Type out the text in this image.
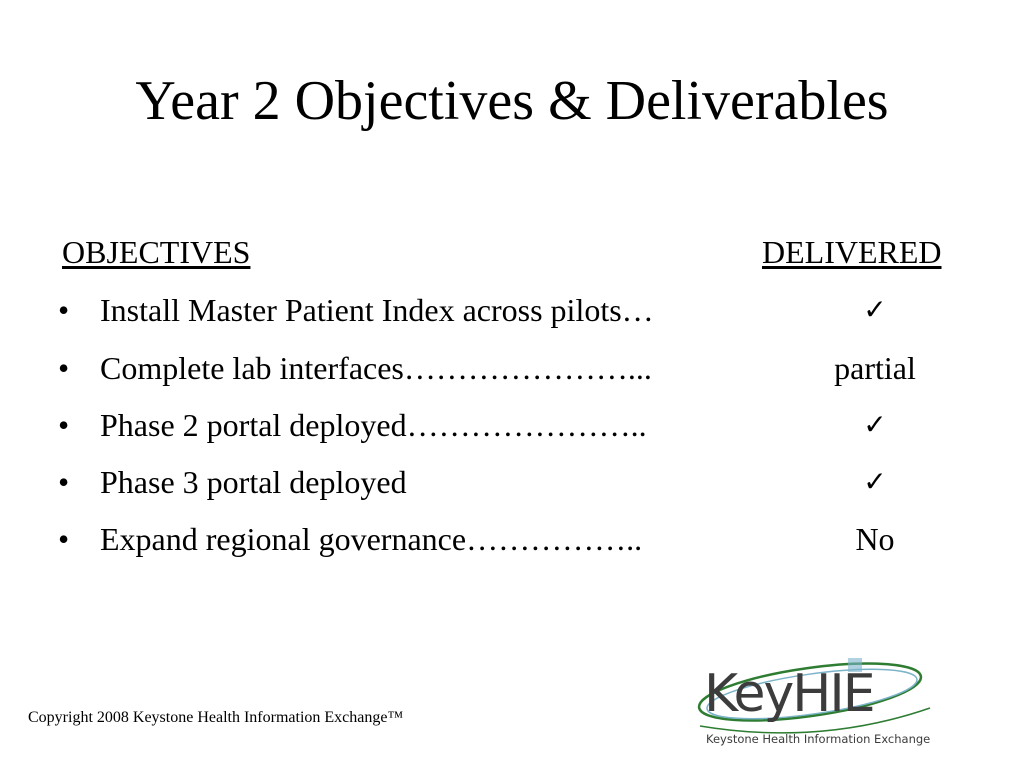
Year 2 Objectives & Deliverables
OBJECTIVES	DELIVERED
• Install Master Patient Index across pilots…	✓
• Complete lab interfaces…………………...	partial
• Phase 2 portal deployed…………………..	✓
• Phase 3 portal deployed	✓
• Expand regional governance……………..	No
Copyright 2008 Keystone Health Information Exchange™	KeyHIE
Keystone Health Information Exchange
